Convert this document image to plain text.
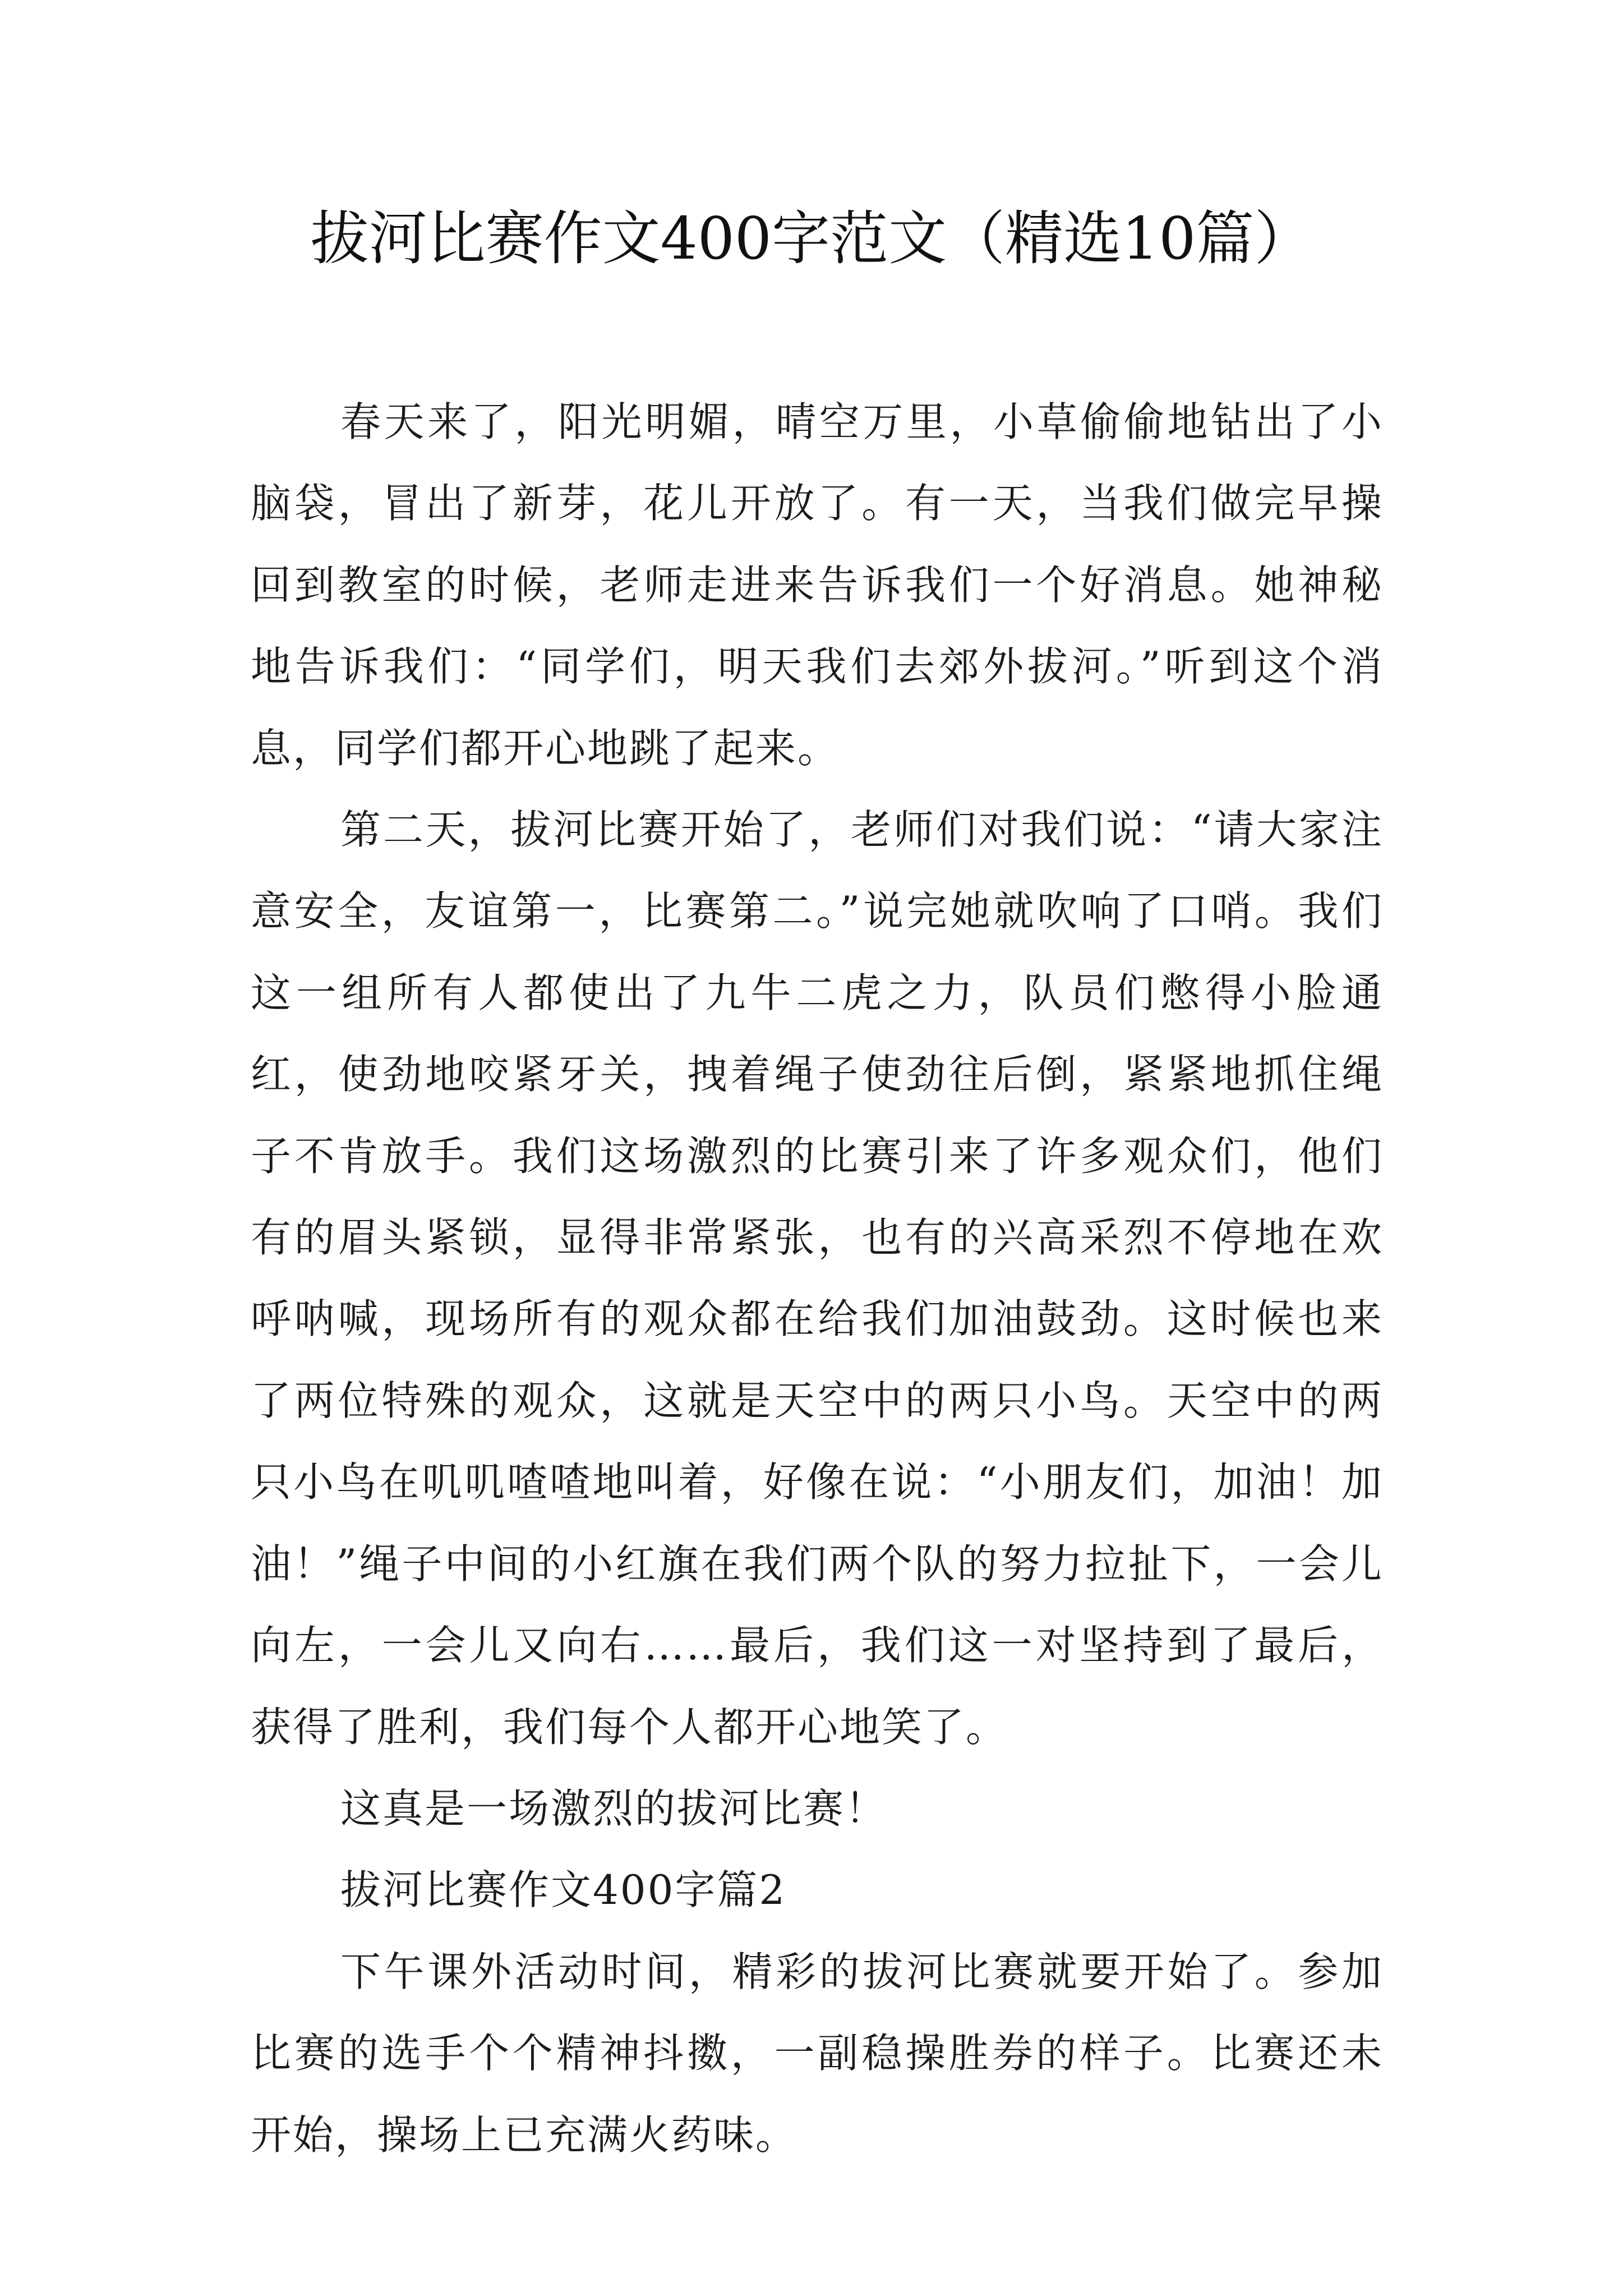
拔河比赛作文400字范文（精选10篇）

春天来了，阳光明媚，晴空万里，小草偷偷地钻出了小脑袋，冒出了新芽，花儿开放了。有一天，当我们做完早操回到教室的时候，老师走进来告诉我们一个好消息。她神秘地告诉我们：“同学们，明天我们去郊外拔河。”听到这个消息，同学们都开心地跳了起来。

第二天，拔河比赛开始了，老师们对我们说：“请大家注意安全，友谊第一，比赛第二。”说完她就吹响了口哨。我们这一组所有人都使出了九牛二虎之力，队员们憋得小脸通红，使劲地咬紧牙关，拽着绳子使劲往后倒，紧紧地抓住绳子不肯放手。我们这场激烈的比赛引来了许多观众们，他们有的眉头紧锁，显得非常紧张，也有的兴高采烈不停地在欢呼呐喊，现场所有的观众都在给我们加油鼓劲。这时候也来了两位特殊的观众，这就是天空中的两只小鸟。天空中的两只小鸟在叽叽喳喳地叫着，好像在说：“小朋友们，加油！加油！”绳子中间的小红旗在我们两个队的努力拉扯下，一会儿向左，一会儿又向右……最后，我们这一对坚持到了最后，获得了胜利，我们每个人都开心地笑了。

这真是一场激烈的拔河比赛！

拔河比赛作文400字篇2

下午课外活动时间，精彩的拔河比赛就要开始了。参加比赛的选手个个精神抖擞，一副稳操胜券的样子。比赛还未开始，操场上已充满火药味。
